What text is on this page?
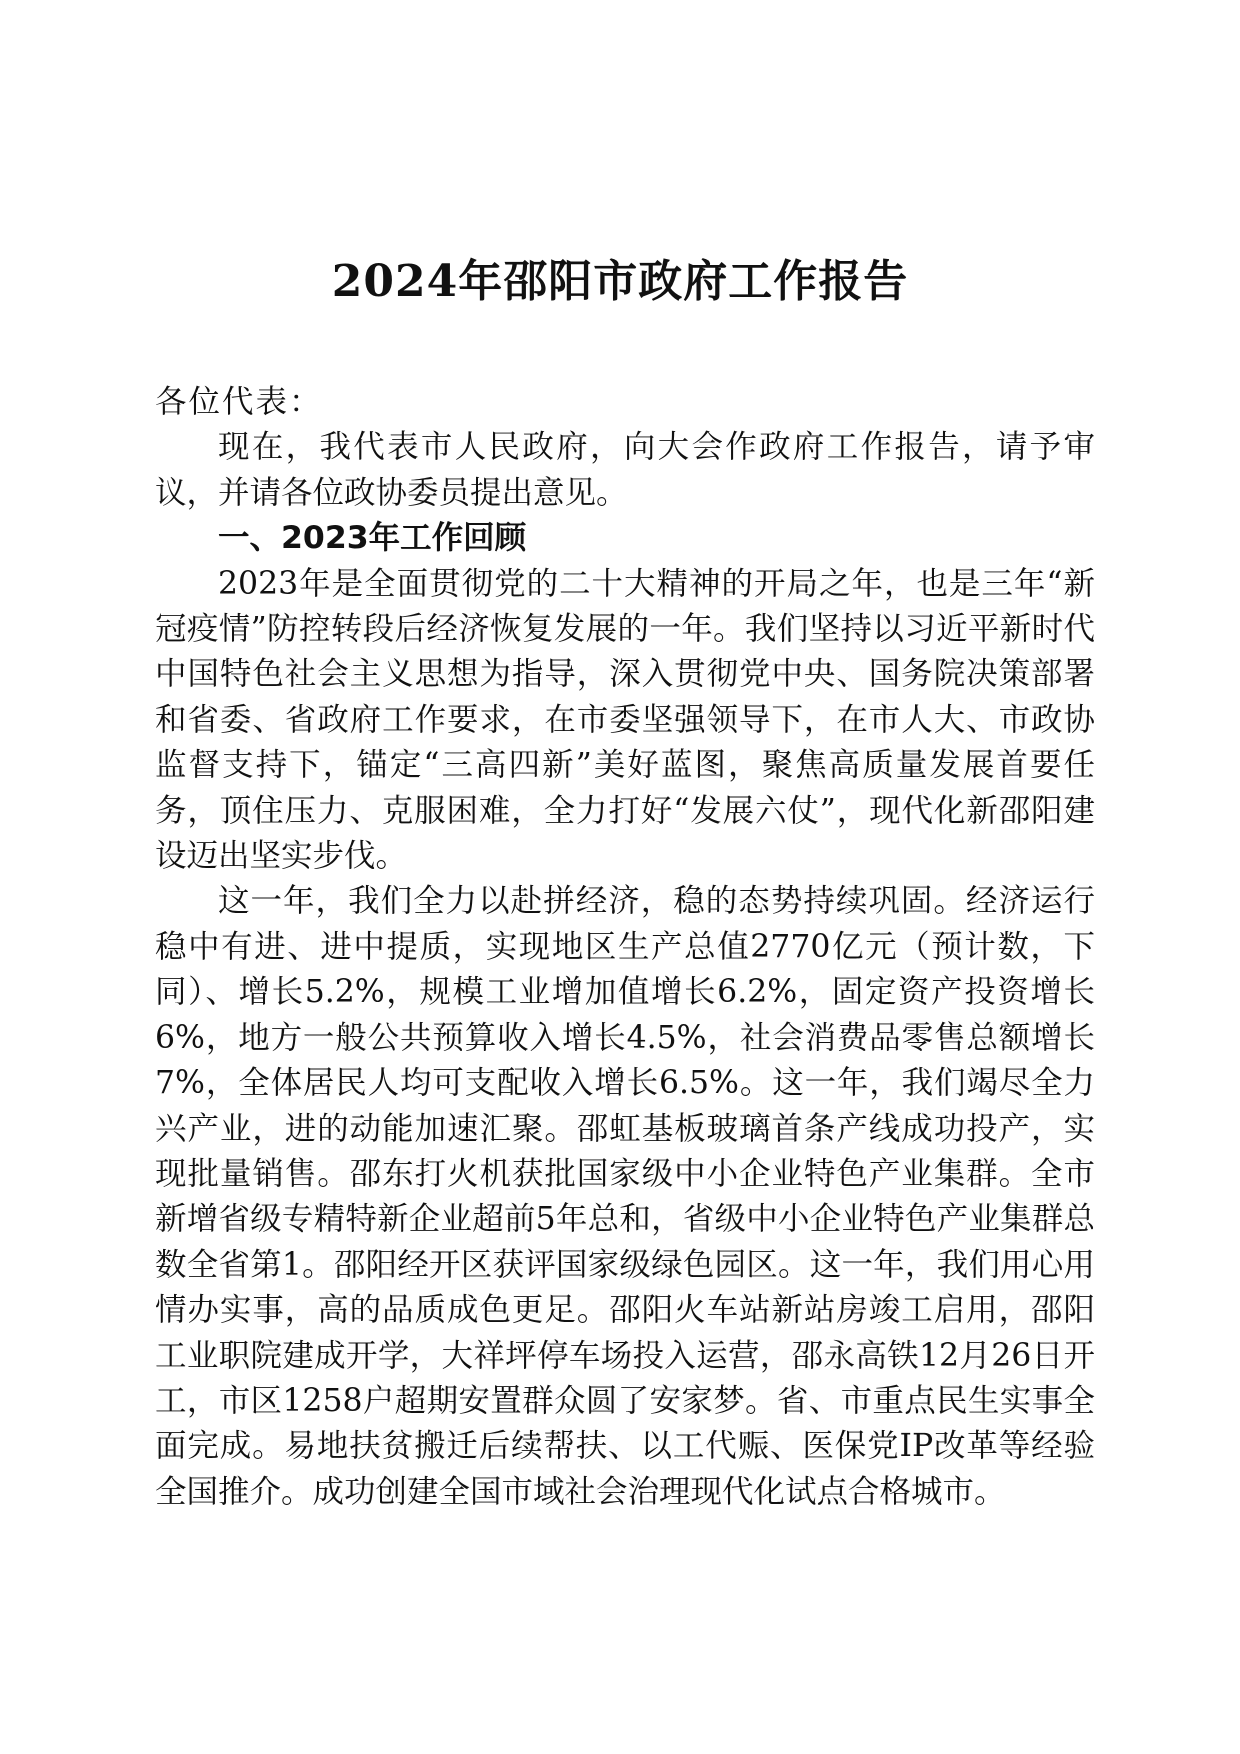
2024年邵阳市政府工作报告

各位代表：

现在，我代表市人民政府，向大会作政府工作报告，请予审议，并请各位政协委员提出意见。

一、2023年工作回顾

2023年是全面贯彻党的二十大精神的开局之年，也是三年“新冠疫情”防控转段后经济恢复发展的一年。我们坚持以习近平新时代中国特色社会主义思想为指导，深入贯彻党中央、国务院决策部署和省委、省政府工作要求，在市委坚强领导下，在市人大、市政协监督支持下，锚定“三高四新”美好蓝图，聚焦高质量发展首要任务，顶住压力、克服困难，全力打好“发展六仗”，现代化新邵阳建设迈出坚实步伐。

这一年，我们全力以赴拼经济，稳的态势持续巩固。经济运行稳中有进、进中提质，实现地区生产总值2770亿元（预计数，下同）、增长5.2%，规模工业增加值增长6.2%，固定资产投资增长6%，地方一般公共预算收入增长4.5%，社会消费品零售总额增长7%，全体居民人均可支配收入增长6.5%。这一年，我们竭尽全力兴产业，进的动能加速汇聚。邵虹基板玻璃首条产线成功投产，实现批量销售。邵东打火机获批国家级中小企业特色产业集群。全市新增省级专精特新企业超前5年总和，省级中小企业特色产业集群总数全省第1。邵阳经开区获评国家级绿色园区。这一年，我们用心用情办实事，高的品质成色更足。邵阳火车站新站房竣工启用，邵阳工业职院建成开学，大祥坪停车场投入运营，邵永高铁12月26日开工，市区1258户超期安置群众圆了安家梦。省、市重点民生实事全面完成。易地扶贫搬迁后续帮扶、以工代赈、医保党IP改革等经验全国推介。成功创建全国市域社会治理现代化试点合格城市。
